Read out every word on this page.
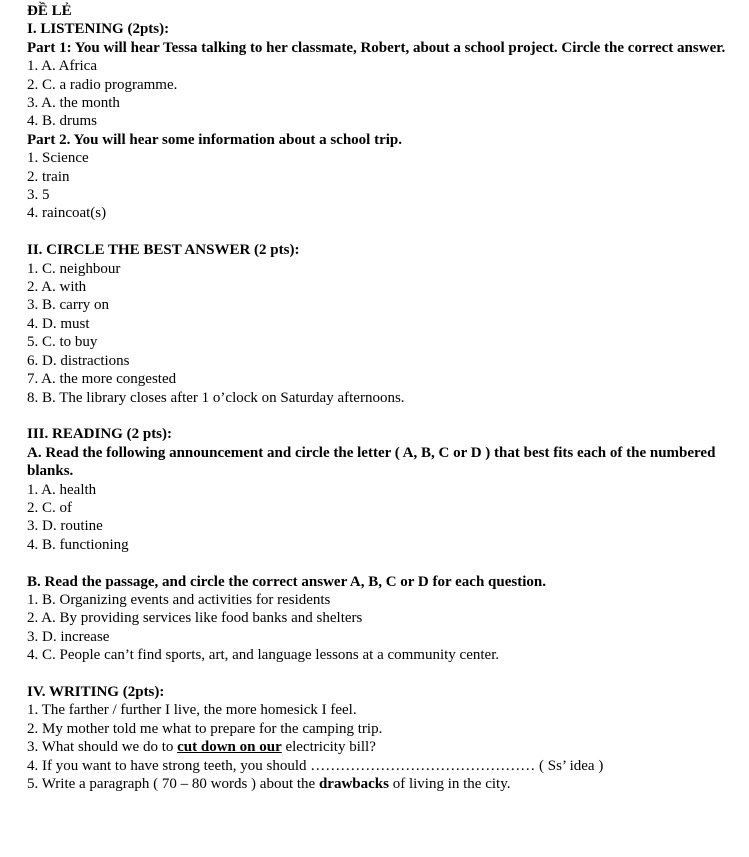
ĐỀ LẺ
I. LISTENING (2pts):
Part 1: You will hear Tessa talking to her classmate, Robert, about a school project. Circle the correct answer.
1. A. Africa
2. C. a radio programme.
3. A. the month
4. B. drums
Part 2. You will hear some information about a school trip.
1. Science
2. train
3. 5
4. raincoat(s)
II. CIRCLE THE BEST ANSWER (2 pts):
1. C. neighbour
2. A. with
3. B. carry on
4. D. must
5. C. to buy
6. D. distractions
7. A. the more congested
8. B. The library closes after 1 o’clock on Saturday afternoons.
III. READING (2 pts):
A. Read the following announcement and circle the letter ( A, B, C or D ) that best fits each of the numbered blanks.
1. A. health
2. C. of
3. D. routine
4. B. functioning
B. Read the passage, and circle the correct answer A, B, C or D for each question.
1. B. Organizing events and activities for residents
2. A. By providing services like food banks and shelters
3. D. increase
4. C. People can’t find sports, art, and language lessons at a community center.
IV. WRITING (2pts):
1. The farther / further I live, the more homesick I feel.
2. My mother told me what to prepare for the camping trip.
3. What should we do to cut down on our electricity bill?
4. If you want to have strong teeth, you should ……………………………………… ( Ss’ idea )
5. Write a paragraph ( 70 – 80 words ) about the drawbacks of living in the city.
